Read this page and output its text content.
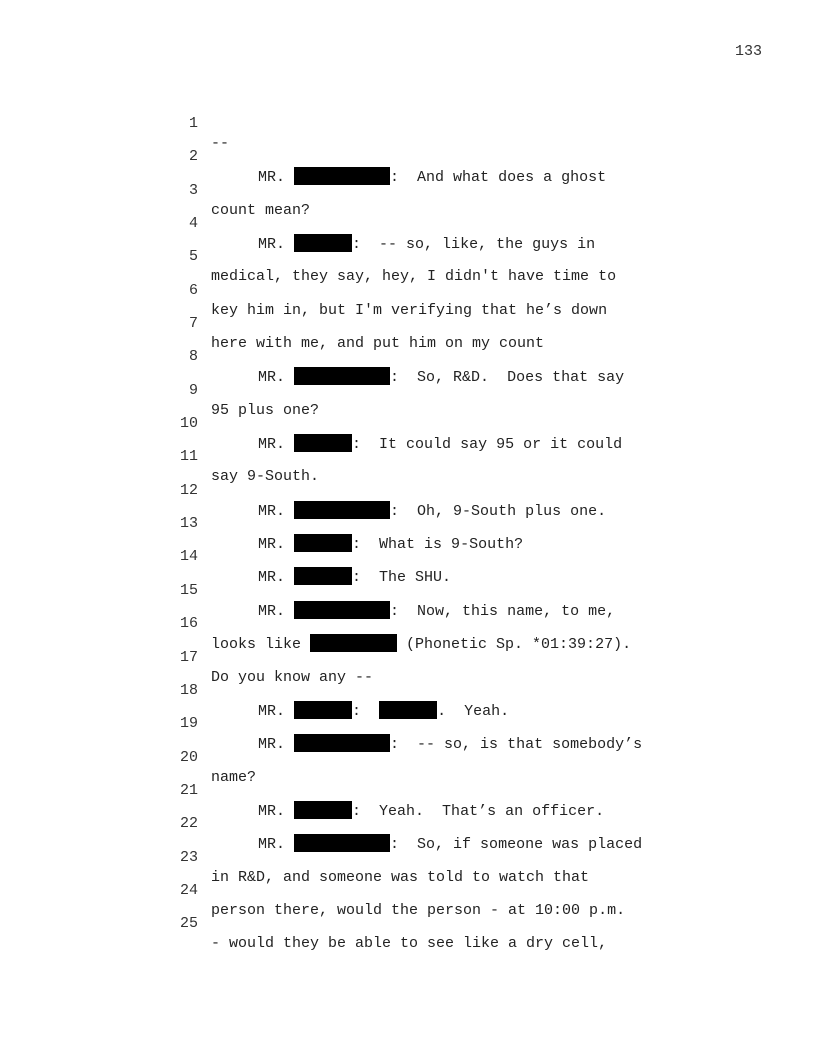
133

1

--

2

MR.	:  And what does a ghost

3

count mean?

4

MR.	:  -- so, like, the guys in

5

medical, they say, hey, I didn't have time to

6

key him in, but I'm verifying that he’s down

7

here with me, and put him on my count

8

MR.	:  So, R&D.  Does that say

9

95 plus one?

10

MR.	:  It could say 95 or it could

11

say 9-South.

12

MR.	:  Oh, 9-South plus one.

13

MR.	:  What is 9-South?

14

MR.	:  The SHU.

15

MR.	:  Now, this name, to me,

16

looks like	(Phonetic Sp. *01:39:27).

17

Do you know any --

18

MR.	:	.  Yeah.

19

MR.	:  -- so, is that somebody’s

20

name?

21

MR.	:  Yeah.  That’s an officer.

22

MR.	:  So, if someone was placed

23

in R&D, and someone was told to watch that

24

person there, would the person - at 10:00 p.m.

25

- would they be able to see like a dry cell,
